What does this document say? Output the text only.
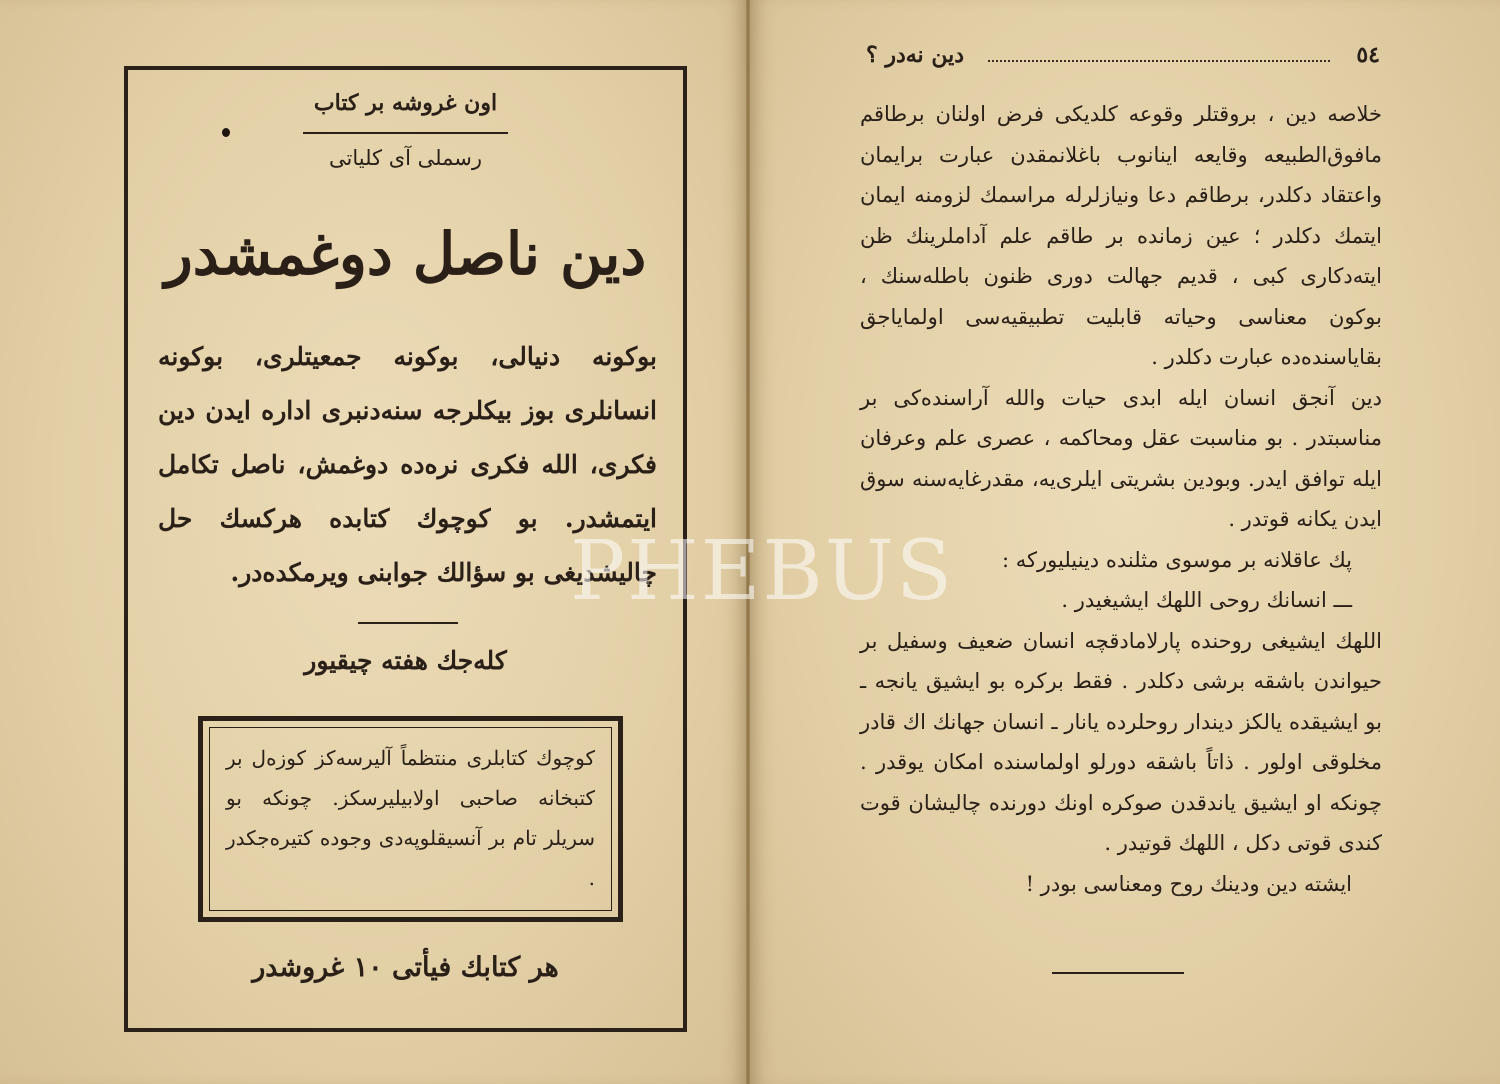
اون غروشه بر كتاب
رسملی آی كلیاتی
دین ناصل دوغمشدر
بوكونه دنیالی، بوكونه جمعیتلری، بوكونه انسانلری بوز بیكلرجه سنه‌دنبری اداره ایدن دین فكری، الله فكری نره‌ده دوغمش، ناصل تكامل ایتمشدر. بو كوچوك كتابده هركسك حل چالیشدیغی بو سؤالك جوابنی ویرمكده‌در.
كله‌جك هفته چیقیور
كوچوك كتابلری منتظماً آلیرسه‌كز كوزه‌ل بر كتبخانه صاحبی اولابیلیرسكز. چونكه بو سریلر تام بر آنسیقلوپه‌دی وجوده كتیره‌جكدر .
هر كتابك فیأتی ١٠ غروشدر
٥٤
دین نه‌در ؟

خلاصه دین ، بروقتلر وقوعه كلدیكی فرض اولنان برطاقم مافوق‌الطبیعه وقایعه اینانوب باغلانمقدن عبارت برایمان واعتقاد دكلدر، برطاقم دعا ونیازلرله مراسمك لزومنه ایمان ایتمك دكلدر ؛ عین زمانده بر طاقم علم آداملرینك ظن ایته‌دكاری كبی ، قدیم جهالت دوری ظنون باطله‌سنك ، بوكون معناسی وحیاته قابلیت تطبیقیه‌سی اولمایاجق بقایاسنده‌ده عبارت دكلدر .

دین آنجق انسان ایله ابدی حیات والله آراسنده‌كی بر مناسبتدر . بو مناسبت عقل ومحاكمه ، عصری علم وعرفان ایله توافق ایدر. وبودین بشریتی ایلری‌یه، مقدرغایه‌سنه سوق ایدن یكانه قوتدر .

پك عاقلانه بر موسوی مثلنده دینیلیوركه :

ـــ انسانك روحی اللهك ایشیغیدر .

اللهك ایشیغی روحنده پارلامادقچه انسان ضعیف وسفیل بر حیواندن باشقه برشی دكلدر . فقط بركره بو ایشیق یانجه ـ بو ایشیقده یالكز دیندار روحلرده یانار ـ انسان جهانك اك قادر مخلوقی اولور . ذاتاً باشقه دورلو اولماسنده امكان یوقدر . چونكه او ایشیق یاندقدن صوكره اونك دورنده چالیشان قوت كندی قوتی دكل ، اللهك قوتیدر .

ایشته دین ودینك روح ومعناسی بودر !

PHEBUS
